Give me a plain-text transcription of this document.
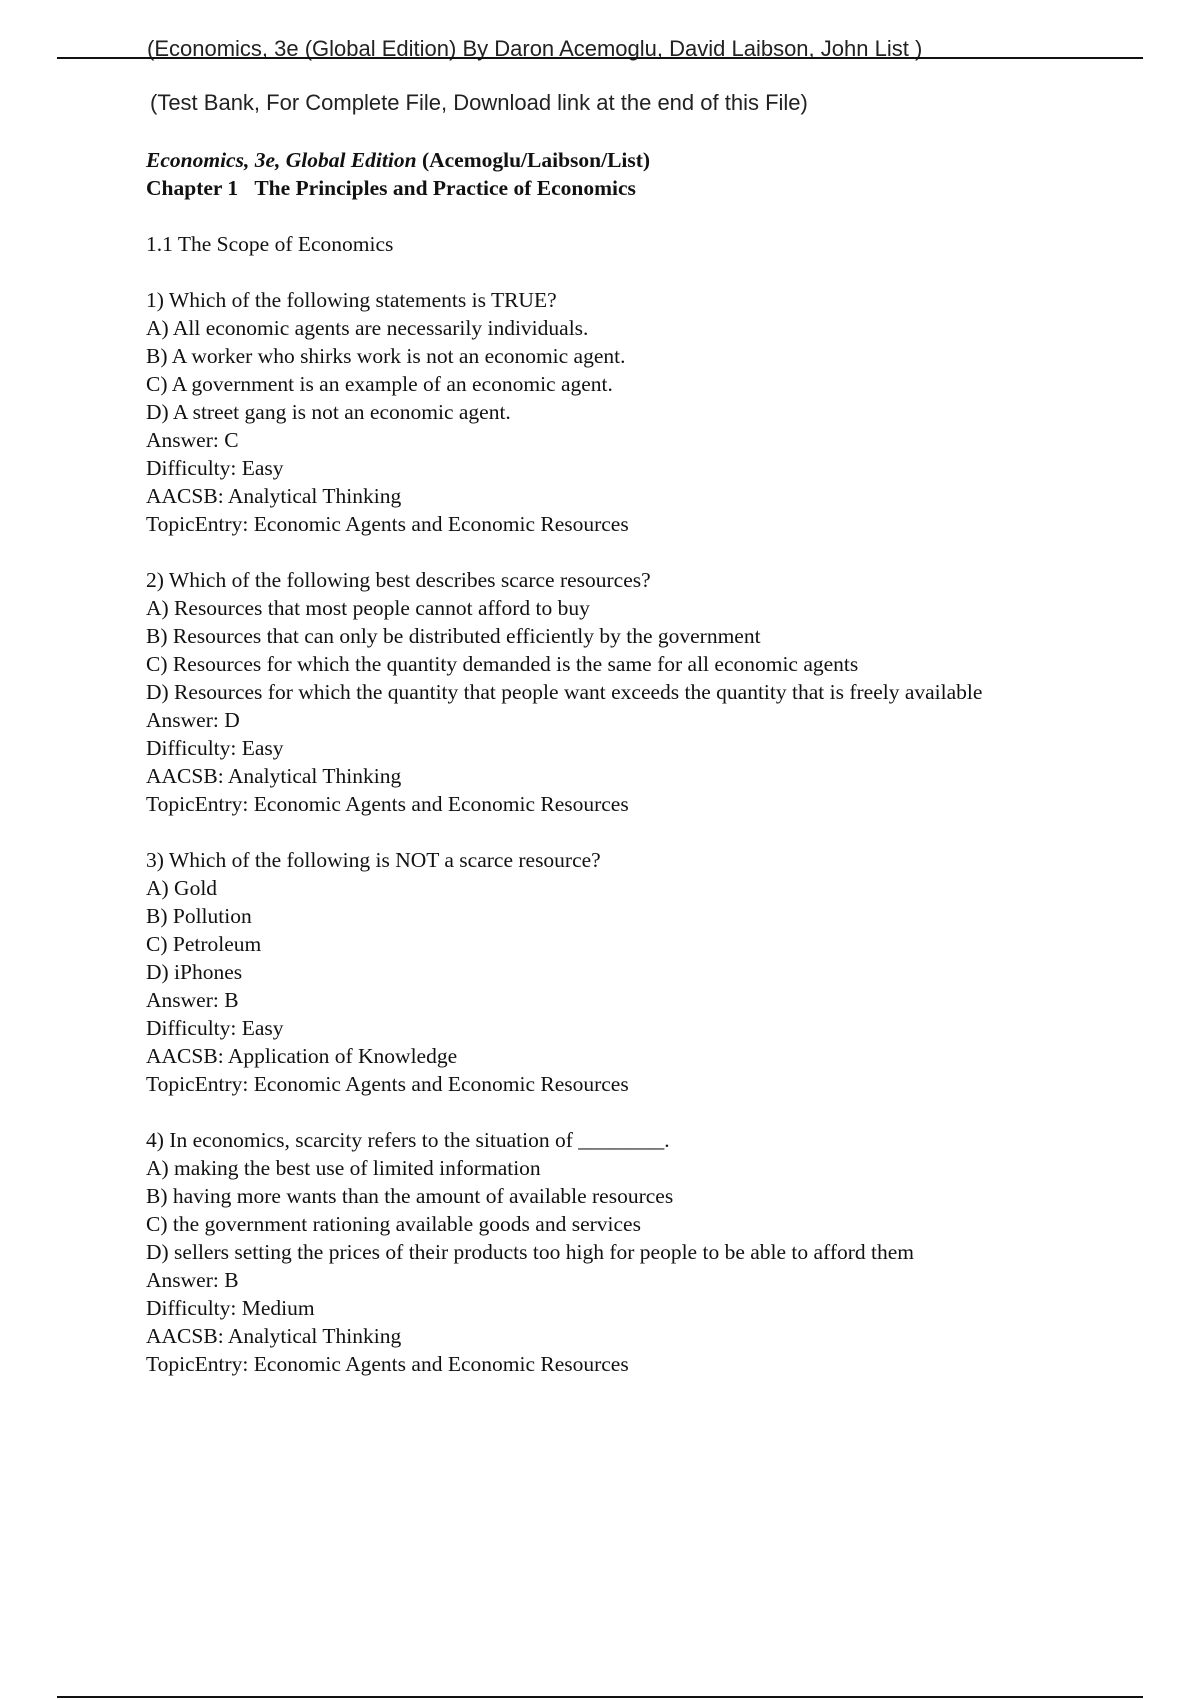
(Economics, 3e (Global Edition) By Daron Acemoglu, David Laibson, John List )
(Test Bank, For Complete File, Download link at the end of this File)
Economics, 3e, Global Edition (Acemoglu/Laibson/List)
Chapter 1 The Principles and Practice of Economics
1.1 The Scope of Economics
1) Which of the following statements is TRUE?
A) All economic agents are necessarily individuals.
B) A worker who shirks work is not an economic agent.
C) A government is an example of an economic agent.
D) A street gang is not an economic agent.
Answer: C
Difficulty: Easy
AACSB: Analytical Thinking
TopicEntry: Economic Agents and Economic Resources
2) Which of the following best describes scarce resources?
A) Resources that most people cannot afford to buy
B) Resources that can only be distributed efficiently by the government
C) Resources for which the quantity demanded is the same for all economic agents
D) Resources for which the quantity that people want exceeds the quantity that is freely available
Answer: D
Difficulty: Easy
AACSB: Analytical Thinking
TopicEntry: Economic Agents and Economic Resources
3) Which of the following is NOT a scarce resource?
A) Gold
B) Pollution
C) Petroleum
D) iPhones
Answer: B
Difficulty: Easy
AACSB: Application of Knowledge
TopicEntry: Economic Agents and Economic Resources
4) In economics, scarcity refers to the situation of ________.
A) making the best use of limited information
B) having more wants than the amount of available resources
C) the government rationing available goods and services
D) sellers setting the prices of their products too high for people to be able to afford them
Answer: B
Difficulty: Medium
AACSB: Analytical Thinking
TopicEntry: Economic Agents and Economic Resources
